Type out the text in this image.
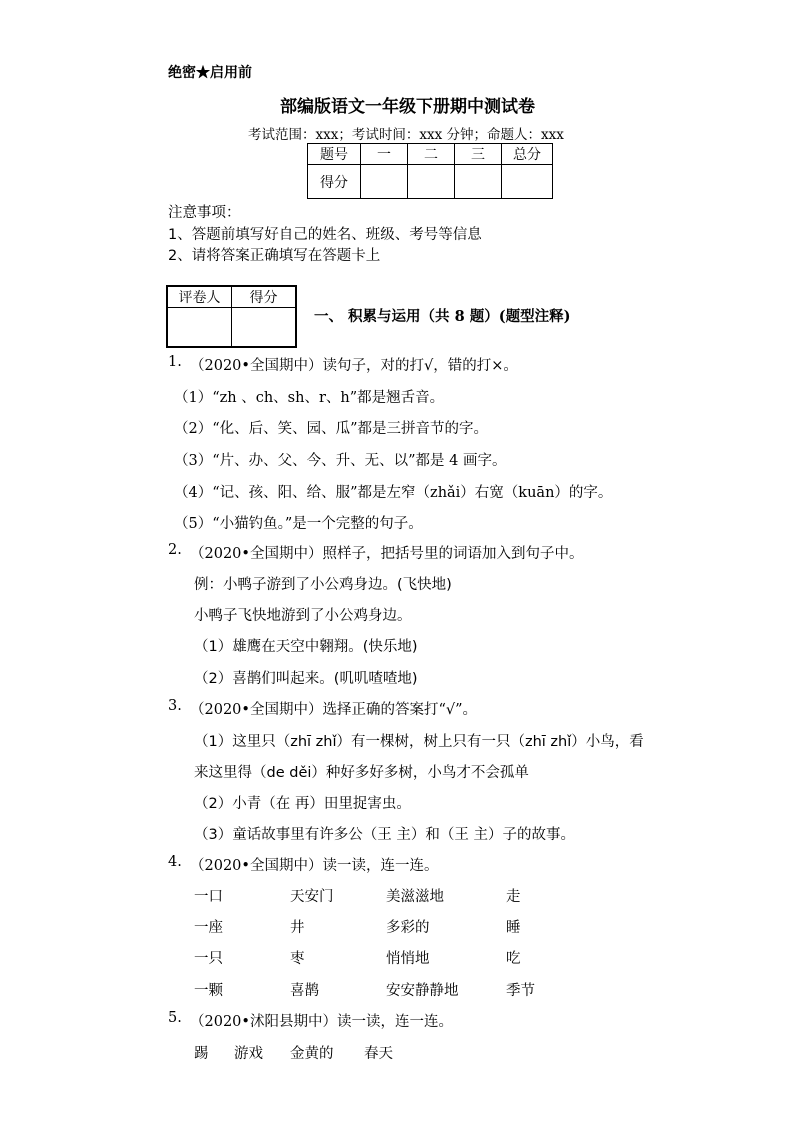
绝密★启用前
部编版语文一年级下册期中测试卷
考试范围：xxx；考试时间：xxx 分钟；命题人：xxx
题号	一	二	三	总分
得分				
注意事项：
1、答题前填写好自己的姓名、班级、考号等信息
2、请将答案正确填写在答题卡上
评卷人	得分

一、 积累与运用（共 8 题）(题型注释)
1. （2020•全国期中）读句子，对的打√，错的打×。
（1）“zh 、ch、sh、r、h”都是翘舌音。
（2）“化、后、笑、园、瓜”都是三拼音节的字。
（3）“片、办、父、今、升、无、以”都是 4 画字。
（4）“记、孩、阳、给、服”都是左窄（zhǎi）右宽（kuān）的字。
（5）“小猫钓鱼。”是一个完整的句子。
2. （2020•全国期中）照样子，把括号里的词语加入到句子中。
例：小鸭子游到了小公鸡身边。(飞快地)
小鸭子飞快地游到了小公鸡身边。
（1）雄鹰在天空中翱翔。(快乐地)
（2）喜鹊们叫起来。(叽叽喳喳地)
3. （2020•全国期中）选择正确的答案打“√”。
（1）这里只（zhī zhǐ）有一棵树，树上只有一只（zhī zhǐ）小鸟，看
来这里得（de děi）种好多好多树，小鸟才不会孤单
（2）小青（在 再）田里捉害虫。
（3）童话故事里有许多公（王 主）和（王 主）子的故事。
4. （2020•全国期中）读一读，连一连。
一口	天安门	美滋滋地	走
一座	井	多彩的	睡
一只	枣	悄悄地	吃
一颗	喜鹊	安安静静地	季节
5. （2020•沭阳县期中）读一读，连一连。
踢 游戏 金黄的 春天
